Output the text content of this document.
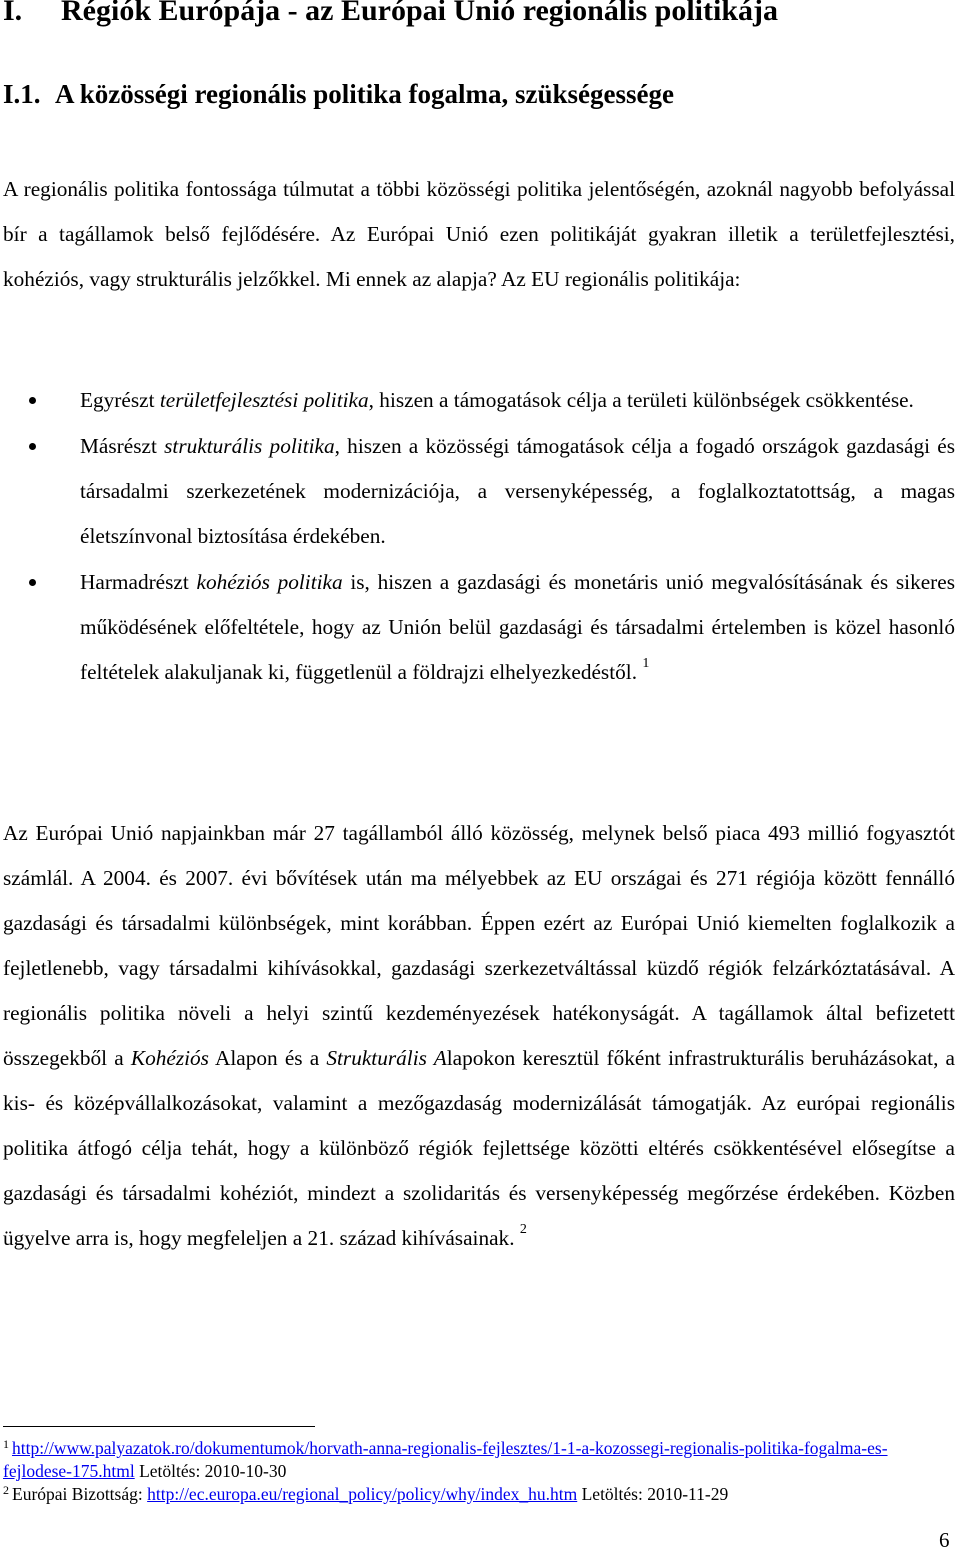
I. Régiók Európája - az Európai Unió regionális politikája
I.1. A közösségi regionális politika fogalma, szükségessége

A regionális politika fontossága túlmutat a többi közösségi politika jelentőségén, azoknál nagyobb befolyással bír a tagállamok belső fejlődésére. Az Európai Unió ezen politikáját gyakran illetik a területfejlesztési, kohéziós, vagy strukturális jelzőkkel. Mi ennek az alapja? Az EU regionális politikája:

Egyrészt területfejlesztési politika, hiszen a támogatások célja a területi különbségek csökkentése.
Másrészt strukturális politika, hiszen a közösségi támogatások célja a fogadó országok gazdasági és társadalmi szerkezetének modernizációja, a versenyképesség, a foglalkoztatottság, a magas életszínvonal biztosítása érdekében.
Harmadrészt kohéziós politika is, hiszen a gazdasági és monetáris unió megvalósításának és sikeres működésének előfeltétele, hogy az Unión belül gazdasági és társadalmi értelemben is közel hasonló feltételek alakuljanak ki, függetlenül a földrajzi elhelyezkedéstől. $^1$

Az Európai Unió napjainkban már 27 tagállamból álló közösség, melynek belső piaca 493 millió fogyasztót számlál. A 2004. és 2007. évi bővítések után ma mélyebbek az EU országai és 271 régiója között fennálló gazdasági és társadalmi különbségek, mint korábban. Éppen ezért az Európai Unió kiemelten foglalkozik a fejletlenebb, vagy társadalmi kihívásokkal, gazdasági szerkezetváltással küzdő régiók felzárkóztatásával. A regionális politika növeli a helyi szintű kezdeményezések hatékonyságát. A tagállamok által befizetett összegekből a Kohéziós Alapon és a Strukturális Alapokon keresztül főként infrastrukturális beruházásokat, a kis- és középvállalkozásokat, valamint a mezőgazdaság modernizálását támogatják. Az európai regionális politika átfogó célja tehát, hogy a különböző régiók fejlettsége közötti eltérés csökkentésével elősegítse a gazdasági és társadalmi kohéziót, mindezt a szolidaritás és versenyképesség megőrzése érdekében. Közben ügyelve arra is, hogy megfeleljen a 21. század kihívásainak. $^2$

$^1$ http://www.palyazatok.ro/dokumentumok/horvath-anna-regionalis-fejlesztes/1-1-a-kozossegi-regionalis-politika-fogalma-es-fejlodese-175.html Letöltés: 2010-10-30

$^2$ Európai Bizottság: http://ec.europa.eu/regional_policy/policy/why/index_hu.htm Letöltés: 2010-11-29

6
